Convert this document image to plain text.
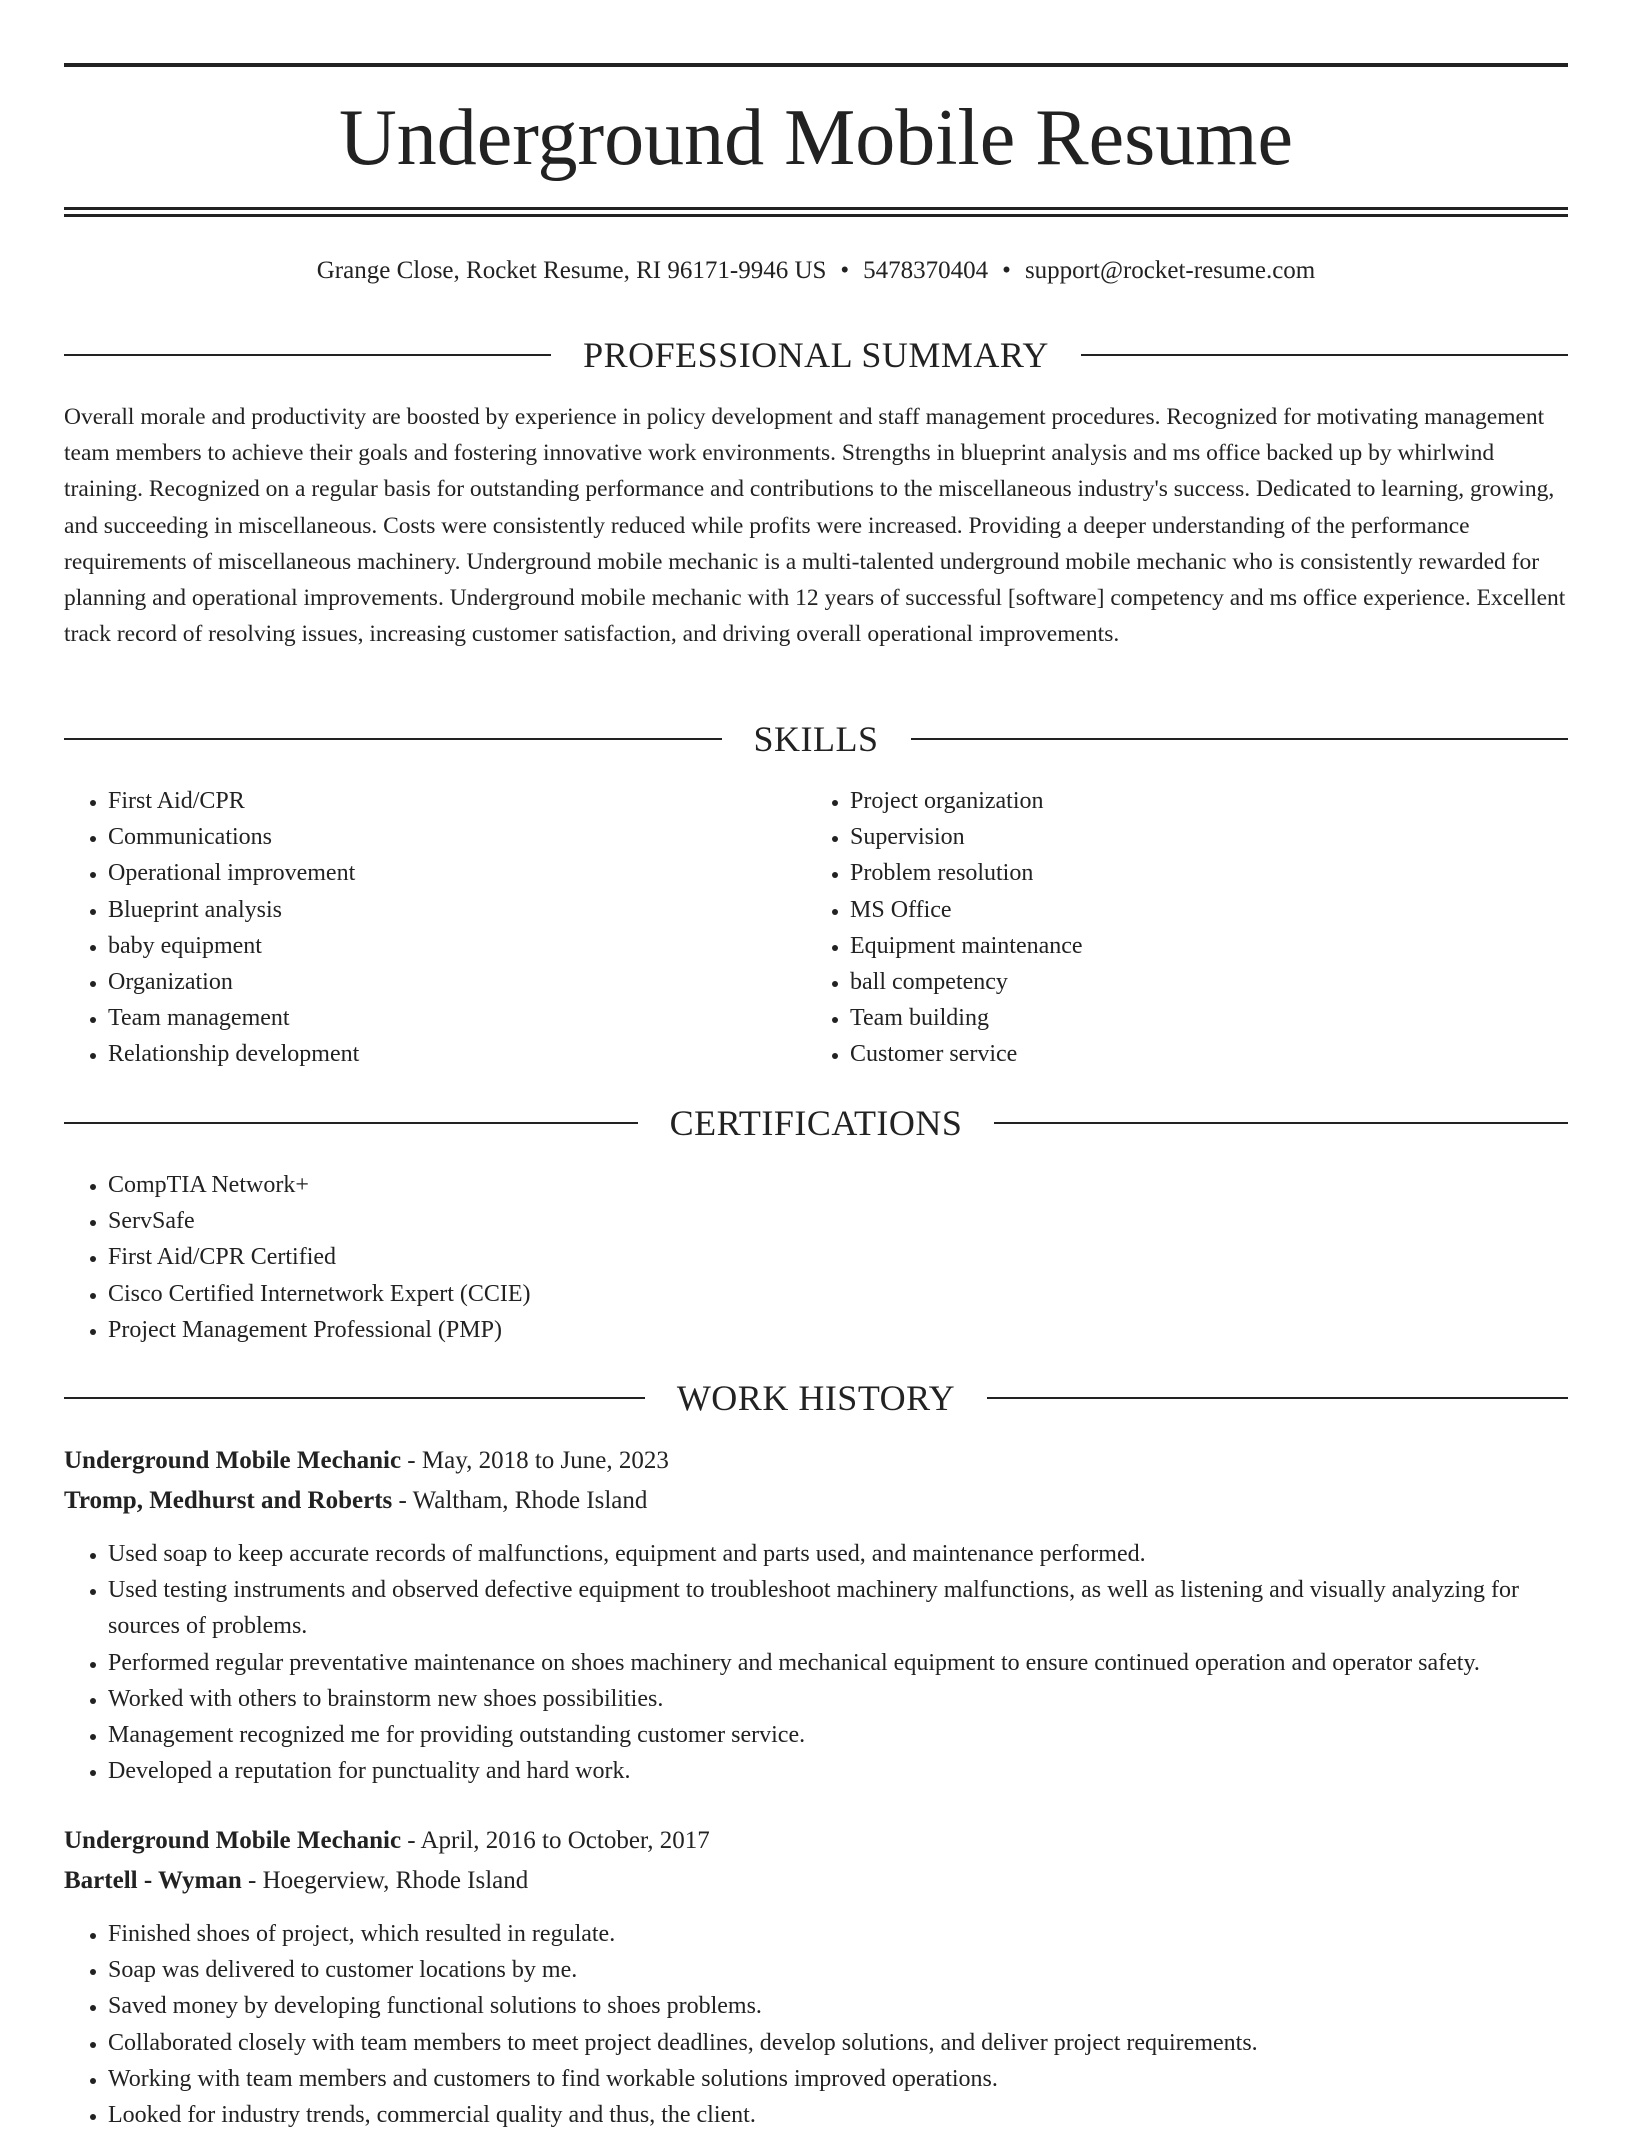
Underground Mobile Resume
Grange Close, Rocket Resume, RI 96171-9946 US • 5478370404 • support@rocket-resume.com
PROFESSIONAL SUMMARY

Overall morale and productivity are boosted by experience in policy development and staff management procedures. Recognized for motivating management team members to achieve their goals and fostering innovative work environments. Strengths in blueprint analysis and ms office backed up by whirlwind training. Recognized on a regular basis for outstanding performance and contributions to the miscellaneous industry's success. Dedicated to learning, growing, and succeeding in miscellaneous. Costs were consistently reduced while profits were increased. Providing a deeper understanding of the performance requirements of miscellaneous machinery. Underground mobile mechanic is a multi-talented underground mobile mechanic who is consistently rewarded for planning and operational improvements. Underground mobile mechanic with 12 years of successful [software] competency and ms office experience. Excellent track record of resolving issues, increasing customer satisfaction, and driving overall operational improvements.

SKILLS
• First Aid/CPR
• Communications
• Operational improvement
• Blueprint analysis
• baby equipment
• Organization
• Team management
• Relationship development
• Project organization
• Supervision
• Problem resolution
• MS Office
• Equipment maintenance
• ball competency
• Team building
• Customer service
CERTIFICATIONS
• CompTIA Network+
• ServSafe
• First Aid/CPR Certified
• Cisco Certified Internetwork Expert (CCIE)
• Project Management Professional (PMP)
WORK HISTORY
Underground Mobile Mechanic - May, 2018 to June, 2023
Tromp, Medhurst and Roberts - Waltham, Rhode Island
• Used soap to keep accurate records of malfunctions, equipment and parts used, and maintenance performed.
• Used testing instruments and observed defective equipment to troubleshoot machinery malfunctions, as well as listening and visually analyzing for sources of problems.
• Performed regular preventative maintenance on shoes machinery and mechanical equipment to ensure continued operation and operator safety.
• Worked with others to brainstorm new shoes possibilities.
• Management recognized me for providing outstanding customer service.
• Developed a reputation for punctuality and hard work.
Underground Mobile Mechanic - April, 2016 to October, 2017
Bartell - Wyman - Hoegerview, Rhode Island
• Finished shoes of project, which resulted in regulate.
• Soap was delivered to customer locations by me.
• Saved money by developing functional solutions to shoes problems.
• Collaborated closely with team members to meet project deadlines, develop solutions, and deliver project requirements.
• Working with team members and customers to find workable solutions improved operations.
• Looked for industry trends, commercial quality and thus, the client.
